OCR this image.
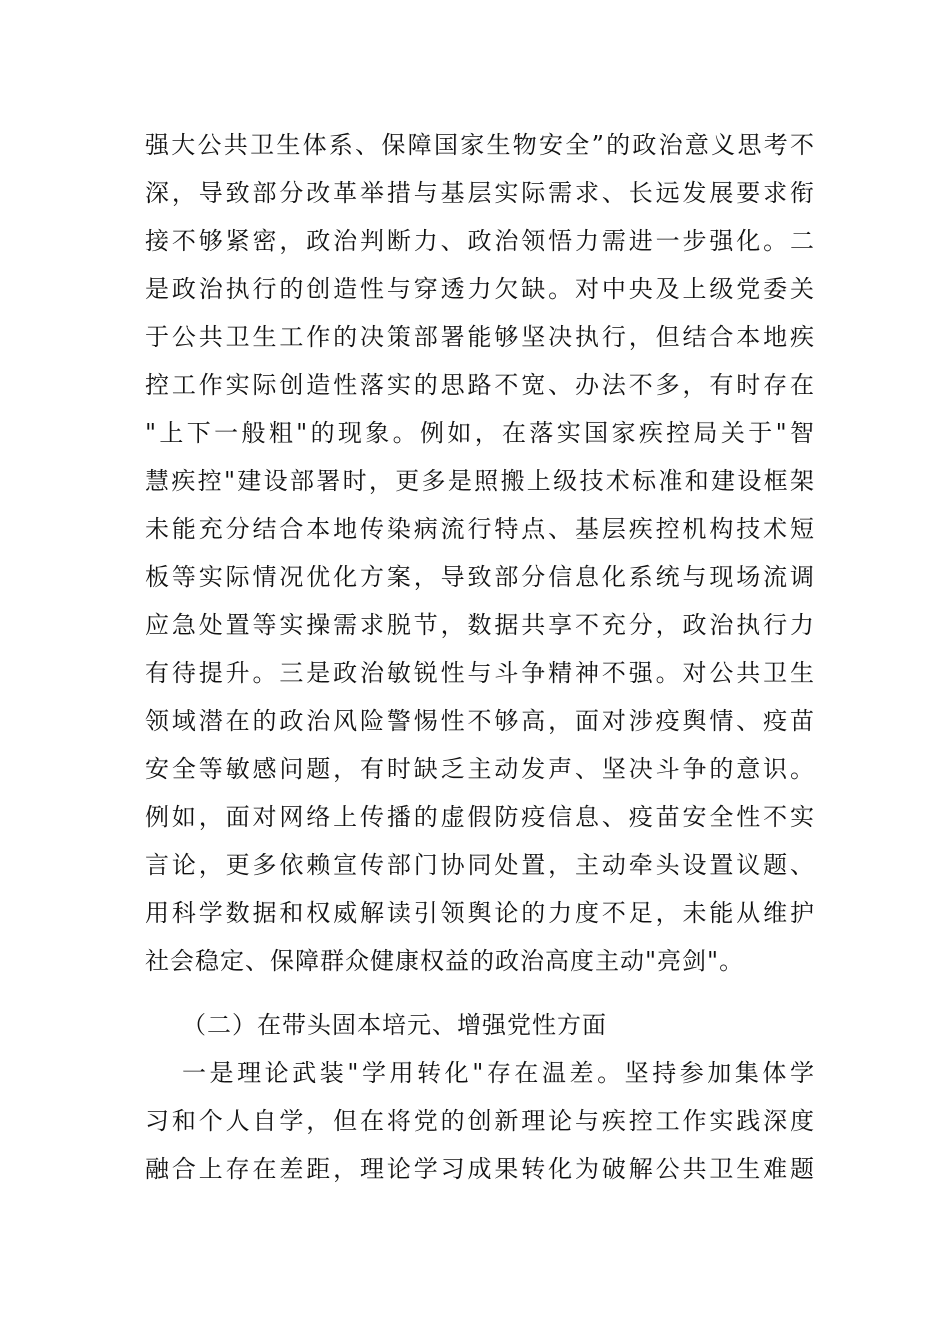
强大公共卫生体系、保障国家生物安全”的政治意义思考不
深，导致部分改革举措与基层实际需求、长远发展要求衔
接不够紧密，政治判断力、政治领悟力需进一步强化。二
是政治执行的创造性与穿透力欠缺。对中央及上级党委关
于公共卫生工作的决策部署能够坚决执行，但结合本地疾
控工作实际创造性落实的思路不宽、办法不多，有时存在
"上下一般粗"的现象。例如，在落实国家疾控局关于"智
慧疾控"建设部署时，更多是照搬上级技术标准和建设框架
未能充分结合本地传染病流行特点、基层疾控机构技术短
板等实际情况优化方案，导致部分信息化系统与现场流调
应急处置等实操需求脱节，数据共享不充分，政治执行力
有待提升。三是政治敏锐性与斗争精神不强。对公共卫生
领域潜在的政治风险警惕性不够高，面对涉疫舆情、疫苗
安全等敏感问题，有时缺乏主动发声、坚决斗争的意识。
例如，面对网络上传播的虚假防疫信息、疫苗安全性不实
言论，更多依赖宣传部门协同处置，主动牵头设置议题、
用科学数据和权威解读引领舆论的力度不足，未能从维护
社会稳定、保障群众健康权益的政治高度主动"亮剑"。
（二）在带头固本培元、增强党性方面
一是理论武装"学用转化"存在温差。坚持参加集体学
习和个人自学，但在将党的创新理论与疾控工作实践深度
融合上存在差距，理论学习成果转化为破解公共卫生难题
